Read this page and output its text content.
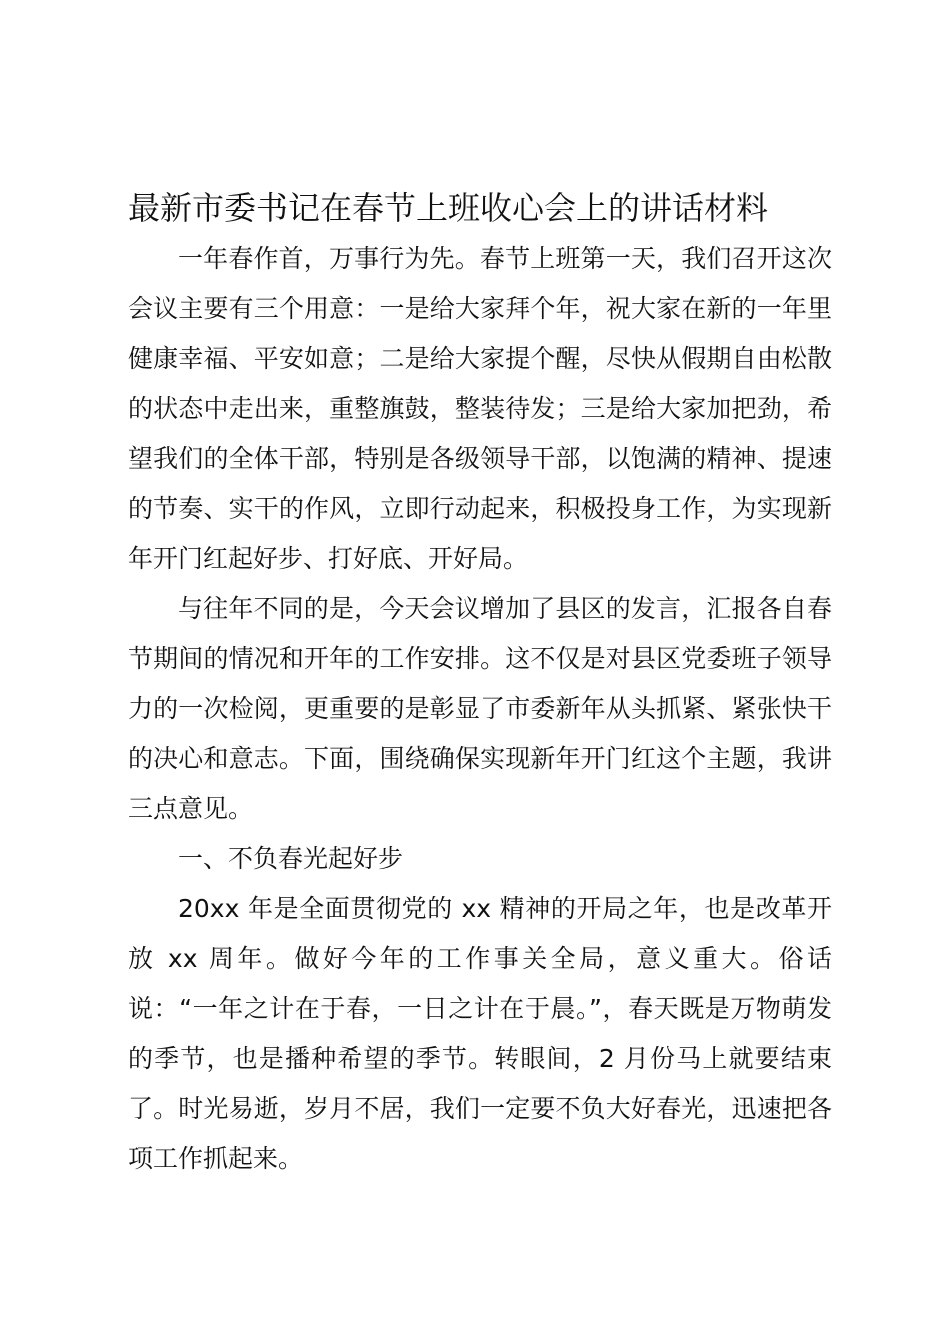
最新市委书记在春节上班收心会上的讲话材料

一年春作首，万事行为先。春节上班第一天，我们召开这次会议主要有三个用意：一是给大家拜个年，祝大家在新的一年里健康幸福、平安如意；二是给大家提个醒，尽快从假期自由松散的状态中走出来，重整旗鼓，整装待发；三是给大家加把劲，希望我们的全体干部，特别是各级领导干部，以饱满的精神、提速的节奏、实干的作风，立即行动起来，积极投身工作，为实现新年开门红起好步、打好底、开好局。

与往年不同的是，今天会议增加了县区的发言，汇报各自春节期间的情况和开年的工作安排。这不仅是对县区党委班子领导力的一次检阅，更重要的是彰显了市委新年从头抓紧、紧张快干的决心和意志。下面，围绕确保实现新年开门红这个主题，我讲三点意见。

一、不负春光起好步

20xx 年是全面贯彻党的 xx 精神的开局之年，也是改革开放 xx 周年。做好今年的工作事关全局，意义重大。俗话说：“一年之计在于春，一日之计在于晨。”，春天既是万物萌发的季节，也是播种希望的季节。转眼间，2 月份马上就要结束了。时光易逝，岁月不居，我们一定要不负大好春光，迅速把各项工作抓起来。
